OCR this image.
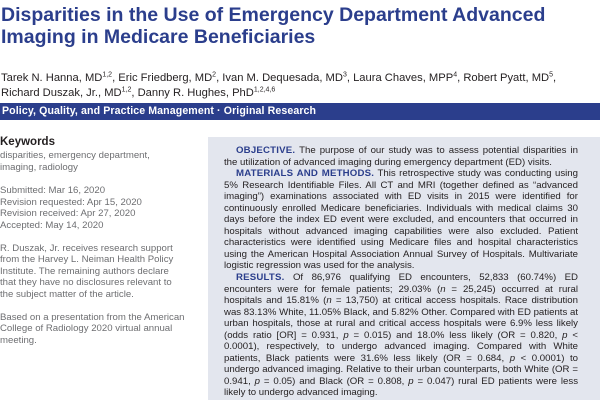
Disparities in the Use of Emergency Department Advanced
Imaging in Medicare Beneficiaries
Tarek N. Hanna, MD$^{1,2}$, Eric Friedberg, $MD^2$, Ivan M. Dequesada, $MD^3$, Laura Chaves, MPP$^4$, Robert Pyatt, $MD^5$,
Richard Duszak, Jr., MD$^{1,2}$, Danny R. Hughes, PhD$^{1,2,4,6}$
Policy, Quality, and Practice Management · Original Research
Keywords
disparities, emergency department,
imaging, radiology
Submitted: Mar 16, 2020
Revision requested: Apr 15, 2020
Revision received: Apr 27, 2020
Accepted: May 14, 2020
R. Duszak, Jr. receives research support
from the Harvey L. Neiman Health Policy
Institute. The remaining authors declare
that they have no disclosures relevant to
the subject matter of the article.
Based on a presentation from the American
College of Radiology 2020 virtual annual
meeting.

OBJECTIVE. The purpose of our study was to assess potential disparities in the utilization of advanced imaging during emergency department (ED) visits.

MATERIALS AND METHODS. This retrospective study was conducting using 5% Research Identifiable Files. All CT and MRI (together defined as “advanced imaging”) examinations associated with ED visits in 2015 were identified for continuously enrolled Medicare beneficiaries. Individuals with medical claims 30 days before the index ED event were excluded, and encounters that occurred in hospitals without advanced imaging capabilities were also excluded. Patient characteristics were identified using Medicare files and hospital characteristics using the American Hospital Association Annual Survey of Hospitals. Multivariate logistic regression was used for the analysis.

RESULTS. Of 86,976 qualifying ED encounters, 52,833 (60.74%) ED encounters were for female patients; 29.03% (n = 25,245) occurred at rural hospitals and 15.81% (n = 13,750) at critical access hospitals. Race distribution was 83.13% White, 11.05% Black, and 5.82% Other. Compared with ED patients at urban hospitals, those at rural and critical access hospitals were 6.9% less likely (odds ratio [OR] = 0.931, p = 0.015) and 18.0% less likely (OR = 0.820, p < 0.0001), respectively, to undergo advanced imaging. Compared with White patients, Black patients were 31.6% less likely (OR = 0.684, p < 0.0001) to undergo advanced imaging. Relative to their urban counterparts, both White (OR = 0.941, p = 0.05) and Black (OR = 0.808, p = 0.047) rural ED patients were less likely to undergo advanced imaging.
